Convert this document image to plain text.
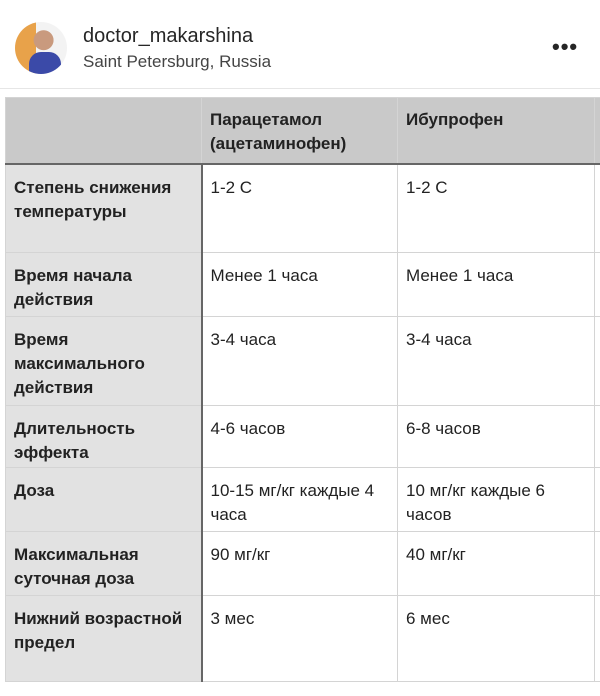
doctor_makarshina
Saint Petersburg, Russia
•••
	Парацетамол (ацетаминофен)	Ибупрофен	
Степень снижения температуры	1-2 С	1-2 С	
Время начала действия	Менее 1 часа	Менее 1 часа	
Время максимального действия	3-4 часа	3-4 часа	
Длительность эффекта	4-6 часов	6-8 часов	
Доза	10-15 мг/кг каждые 4 часа	10 мг/кг каждые 6 часов	
Максимальная суточная доза	90 мг/кг	40 мг/кг	
Нижний возрастной предел	3 мес	6 мес	
